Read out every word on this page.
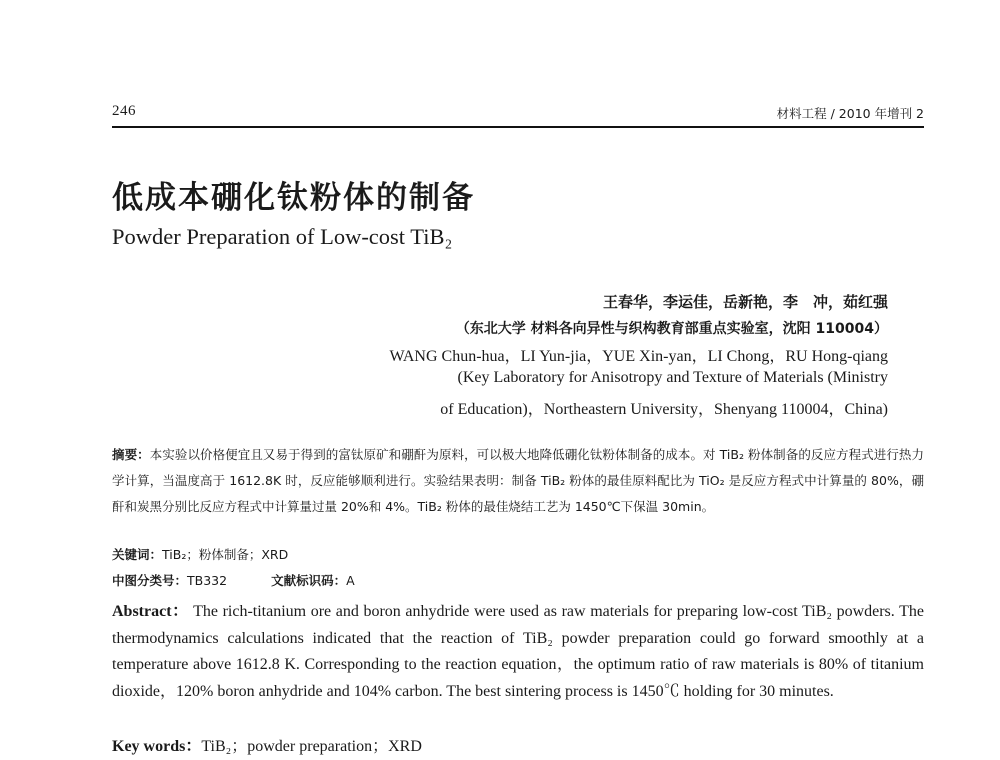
246	材料工程 / 2010 年增刊 2
低成本硼化钛粉体的制备
Powder Preparation of Low-cost TiB₂
王春华，李运佳，岳新艳，李　冲，茹红强
（东北大学 材料各向异性与织构教育部重点实验室，沈阳 110004）
WANG Chun-hua，LI Yun-jia，YUE Xin-yan，LI Chong，RU Hong-qiang
(Key Laboratory for Anisotropy and Texture of Materials (Ministry
of Education)，Northeastern University，Shenyang 110004，China)
摘要：本实验以价格便宜且又易于得到的富钛原矿和硼酐为原料，可以极大地降低硼化钛粉体制备的成本。对 TiB₂ 粉体制备的反应方程式进行热力学计算，当温度高于 1612.8K 时，反应能够顺利进行。实验结果表明：制备 TiB₂ 粉体的最佳原料配比为 TiO₂ 是反应方程式中计算量的 80%，硼酐和炭黑分别比反应方程式中计算量过量 20%和 4%。TiB₂ 粉体的最佳烧结工艺为 1450℃下保温 30min。
关键词：TiB₂；粉体制备；XRD
中图分类号：TB332	文献标识码：A
Abstract： The rich-titanium ore and boron anhydride were used as raw materials for preparing low-cost TiB₂ powders. The thermodynamics calculations indicated that the reaction of TiB₂ powder preparation could go forward smoothly at a temperature above 1612.8 K. Corresponding to the reaction equation，the optimum ratio of raw materials is 80% of titanium dioxide，120% boron anhydride and 104% carbon. The best sintering process is 1450℃ holding for 30 minutes.
Key words：TiB₂；powder preparation；XRD
